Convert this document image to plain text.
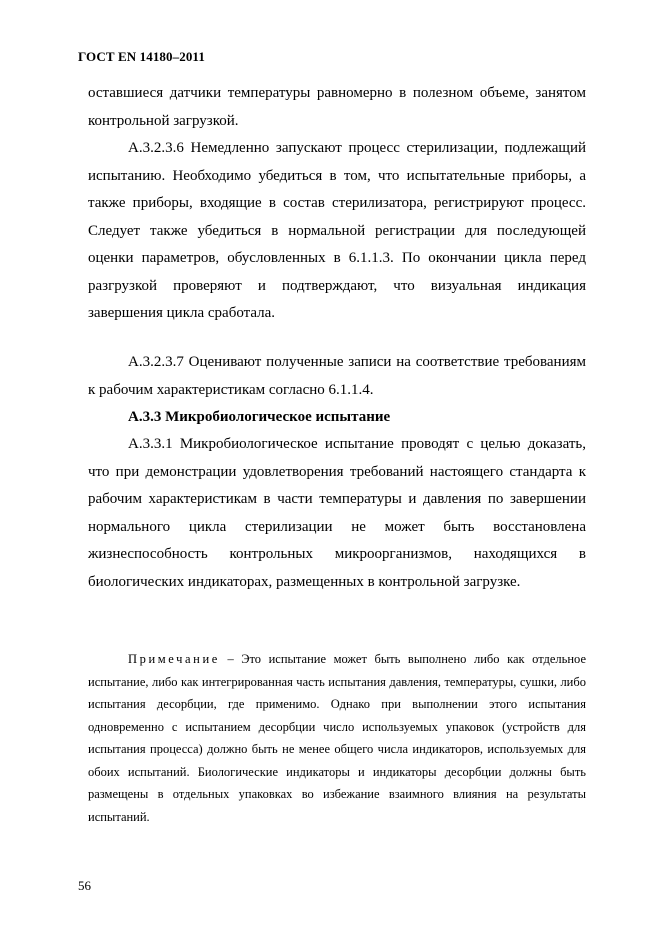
ГОСТ EN 14180–2011

оставшиеся датчики температуры равномерно в полезном объеме, занятом контрольной загрузкой.

А.3.2.3.6 Немедленно запускают процесс стерилизации, подлежащий испытанию. Необходимо убедиться в том, что испытательные приборы, а также приборы, входящие в состав стерилизатора, регистрируют процесс. Следует также убедиться в нормальной регистрации для последующей оценки параметров, обусловленных в 6.1.1.3. По окончании цикла перед разгрузкой проверяют и подтверждают, что визуальная индикация завершения цикла сработала.

А.3.2.3.7 Оценивают полученные записи на соответствие требованиям к рабочим характеристикам согласно 6.1.1.4.

А.3.3 Микробиологическое испытание

А.3.3.1 Микробиологическое испытание проводят с целью доказать, что при демонстрации удовлетворения требований настоящего стандарта к рабочим характеристикам в части температуры и давления по завершении нормального цикла стерилизации не может быть восстановлена жизнеспособность контрольных микроорганизмов, находящихся в биологических индикаторах, размещенных в контрольной загрузке.

Примечание – Это испытание может быть выполнено либо как отдельное испытание, либо как интегрированная часть испытания давления, температуры, сушки, либо испытания десорбции, где применимо. Однако при выполнении этого испытания одновременно с испытанием десорбции число используемых упаковок (устройств для испытания процесса) должно быть не менее общего числа индикаторов, используемых для обоих испытаний. Биологические индикаторы и индикаторы десорбции должны быть размещены в отдельных упаковках во избежание взаимного влияния на результаты испытаний.

56
